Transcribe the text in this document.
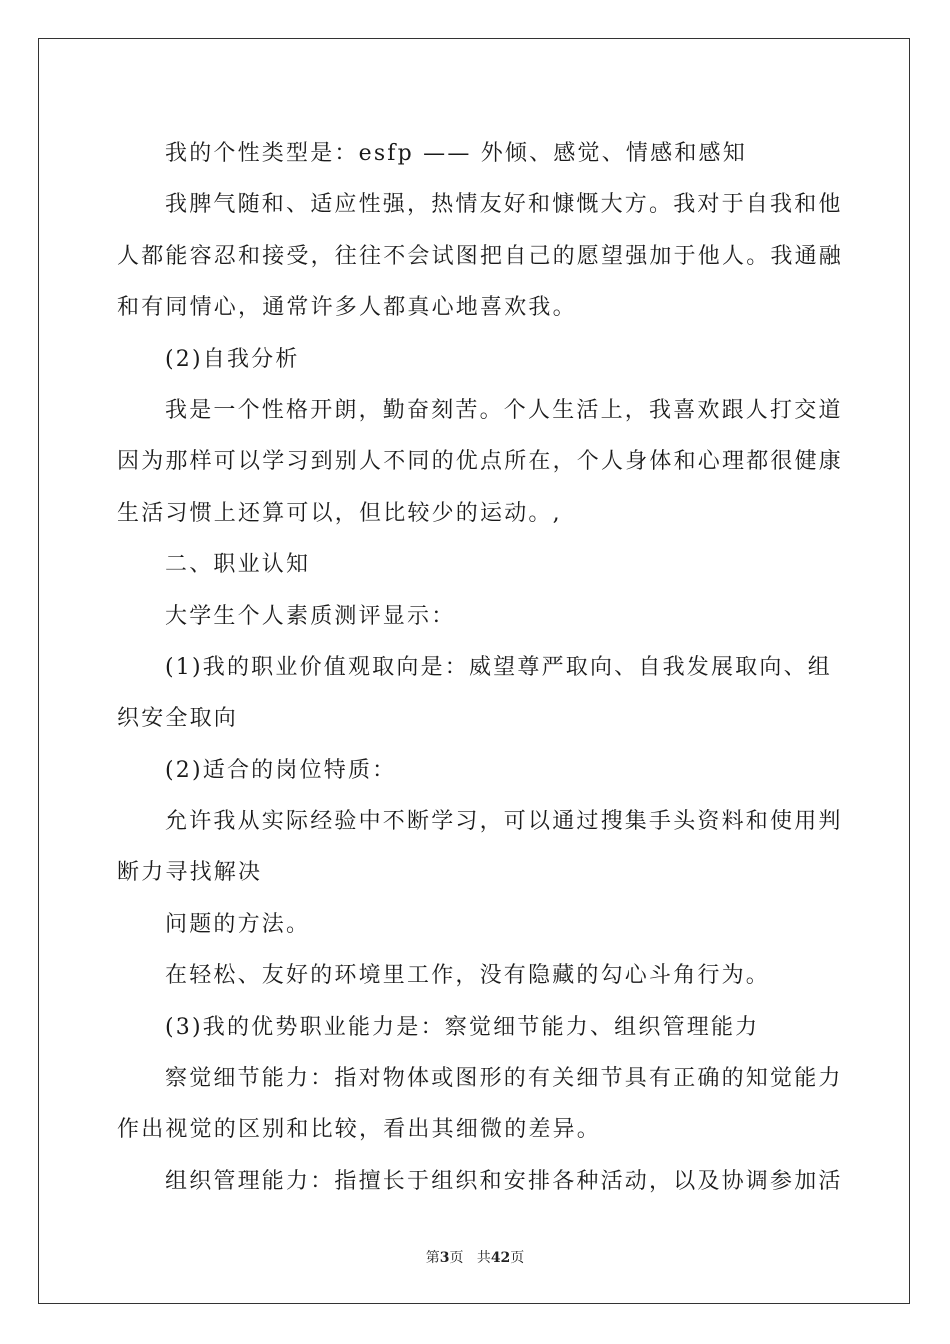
我的个性类型是：esfp —— 外倾、感觉、情感和感知
我脾气随和、适应性强，热情友好和慷慨大方。我对于自我和他
人都能容忍和接受，往往不会试图把自己的愿望强加于他人。我通融
和有同情心，通常许多人都真心地喜欢我。
(2)自我分析
我是一个性格开朗，勤奋刻苦。个人生活上，我喜欢跟人打交道
因为那样可以学习到别人不同的优点所在，个人身体和心理都很健康
生活习惯上还算可以，但比较少的运动。,
二、职业认知
大学生个人素质测评显示：
(1)我的职业价值观取向是：威望尊严取向、自我发展取向、组
织安全取向
(2)适合的岗位特质：
允许我从实际经验中不断学习，可以通过搜集手头资料和使用判
断力寻找解决
问题的方法。
在轻松、友好的环境里工作，没有隐藏的勾心斗角行为。
(3)我的优势职业能力是：察觉细节能力、组织管理能力
察觉细节能力：指对物体或图形的有关细节具有正确的知觉能力
作出视觉的区别和比较，看出其细微的差异。
组织管理能力：指擅长于组织和安排各种活动，以及协调参加活

第3页 共42页
